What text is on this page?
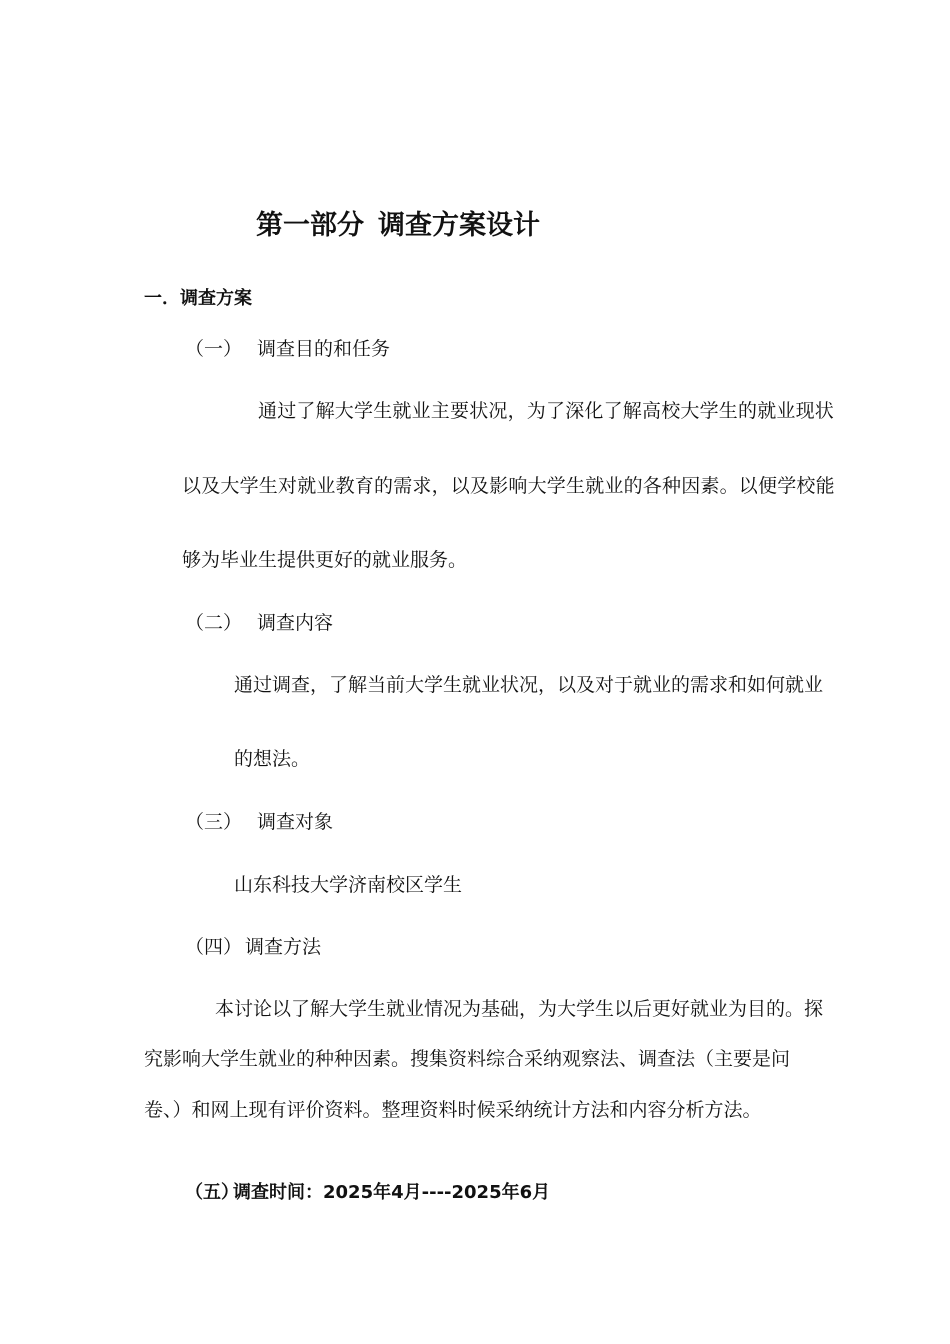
第一部分 调查方案设计
一．调查方案
（一） 调查目的和任务
通过了解大学生就业主要状况，为了深化了解高校大学生的就业现状
以及大学生对就业教育的需求，以及影响大学生就业的各种因素。以便学校能
够为毕业生提供更好的就业服务。
（二） 调查内容
通过调查，了解当前大学生就业状况，以及对于就业的需求和如何就业
的想法。
（三） 调查对象
山东科技大学济南校区学生
（四） 调查方法
本讨论以了解大学生就业情况为基础，为大学生以后更好就业为目的。探
究影响大学生就业的种种因素。搜集资料综合采纳观察法、调查法（主要是问
卷、）和网上现有评价资料。整理资料时候采纳统计方法和内容分析方法。
（五）调查时间：2025年4月----2025年6月
